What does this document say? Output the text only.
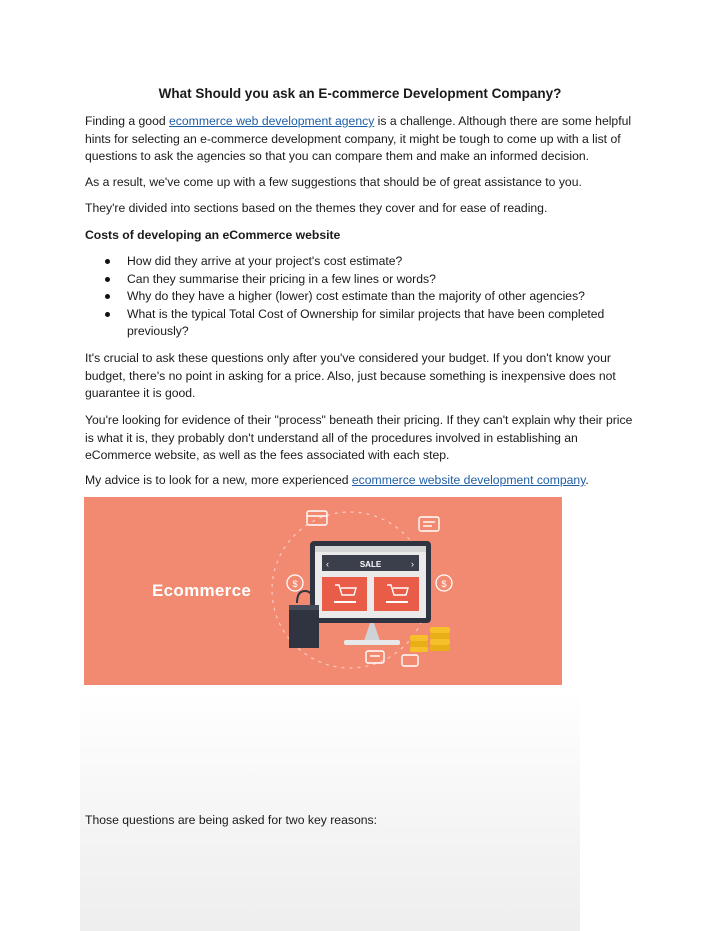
What Should you ask an E-commerce Development Company?
Finding a good ecommerce web development agency is a challenge. Although there are some helpful
hints for selecting an e-commerce development company, it might be tough to come up with a list of
questions to ask the agencies so that you can compare them and make an informed decision.
As a result, we've come up with a few suggestions that should be of great assistance to you.
They're divided into sections based on the themes they cover and for ease of reading.
Costs of developing an eCommerce website
How did they arrive at your project's cost estimate?
Can they summarise their pricing in a few lines or words?
Why do they have a higher (lower) cost estimate than the majority of other agencies?
What is the typical Total Cost of Ownership for similar projects that have been completed
previously?
It's crucial to ask these questions only after you've considered your budget. If you don't know your
budget, there's no point in asking for a price. Also, just because something is inexpensive does not
guarantee it is good.
You're looking for evidence of their "process" beneath their pricing. If they can't explain why their price
is what it is, they probably don't understand all of the procedures involved in establishing an
eCommerce website, as well as the fees associated with each step.
My advice is to look for a new, more experienced ecommerce website development company.
Ecommerce	$	$
SALE
‹	›
Those questions are being asked for two key reasons:
